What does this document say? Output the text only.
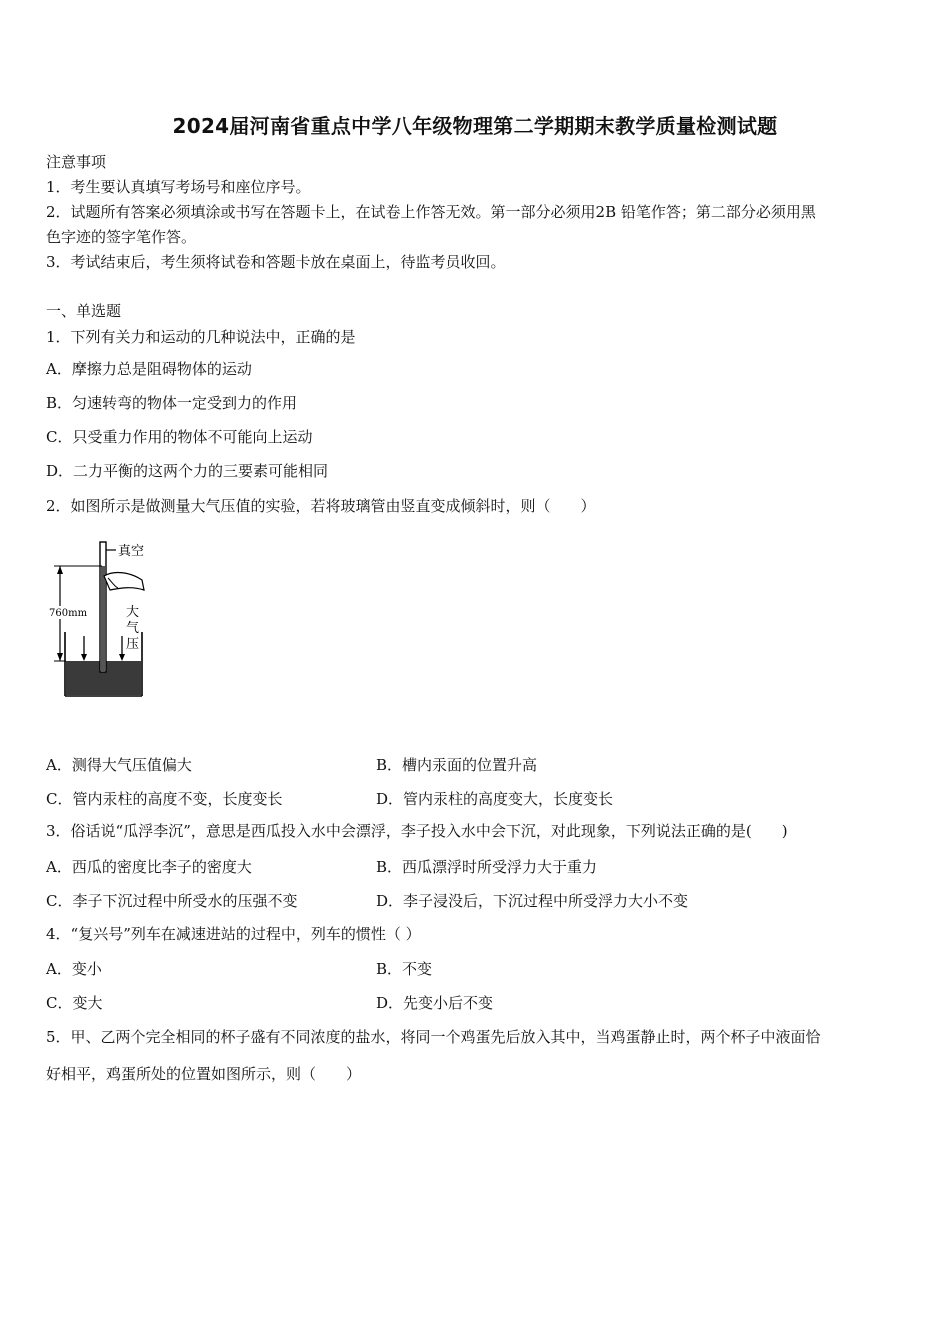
2024届河南省重点中学八年级物理第二学期期末教学质量检测试题
注意事项
1．考生要认真填写考场号和座位序号。
2．试题所有答案必须填涂或书写在答题卡上，在试卷上作答无效。第一部分必须用2B 铅笔作答；第二部分必须用黑
色字迹的签字笔作答。
3．考试结束后，考生须将试卷和答题卡放在桌面上，待监考员收回。
一、单选题
1．下列有关力和运动的几种说法中，正确的是
A．摩擦力总是阻碍物体的运动
B．匀速转弯的物体一定受到力的作用
C．只受重力作用的物体不可能向上运动
D．二力平衡的这两个力的三要素可能相同
2．如图所示是做测量大气压值的实验，若将玻璃管由竖直变成倾斜时，则（　　）
真空
760mm	大
气
压
A．测得大气压值偏大	B．槽内汞面的位置升高
C．管内汞柱的高度不变，长度变长	D．管内汞柱的高度变大，长度变长
3．俗话说“瓜浮李沉”，意思是西瓜投入水中会漂浮，李子投入水中会下沉，对此现象，下列说法正确的是(　　)
A．西瓜的密度比李子的密度大	B．西瓜漂浮时所受浮力大于重力
C．李子下沉过程中所受水的压强不变	D．李子浸没后，下沉过程中所受浮力大小不变
4．“复兴号”列车在减速进站的过程中，列车的惯性（ ）
A．变小	B．不变
C．变大	D．先变小后不变
5．甲、乙两个完全相同的杯子盛有不同浓度的盐水，将同一个鸡蛋先后放入其中，当鸡蛋静止时，两个杯子中液面恰
好相平，鸡蛋所处的位置如图所示，则（　　）
